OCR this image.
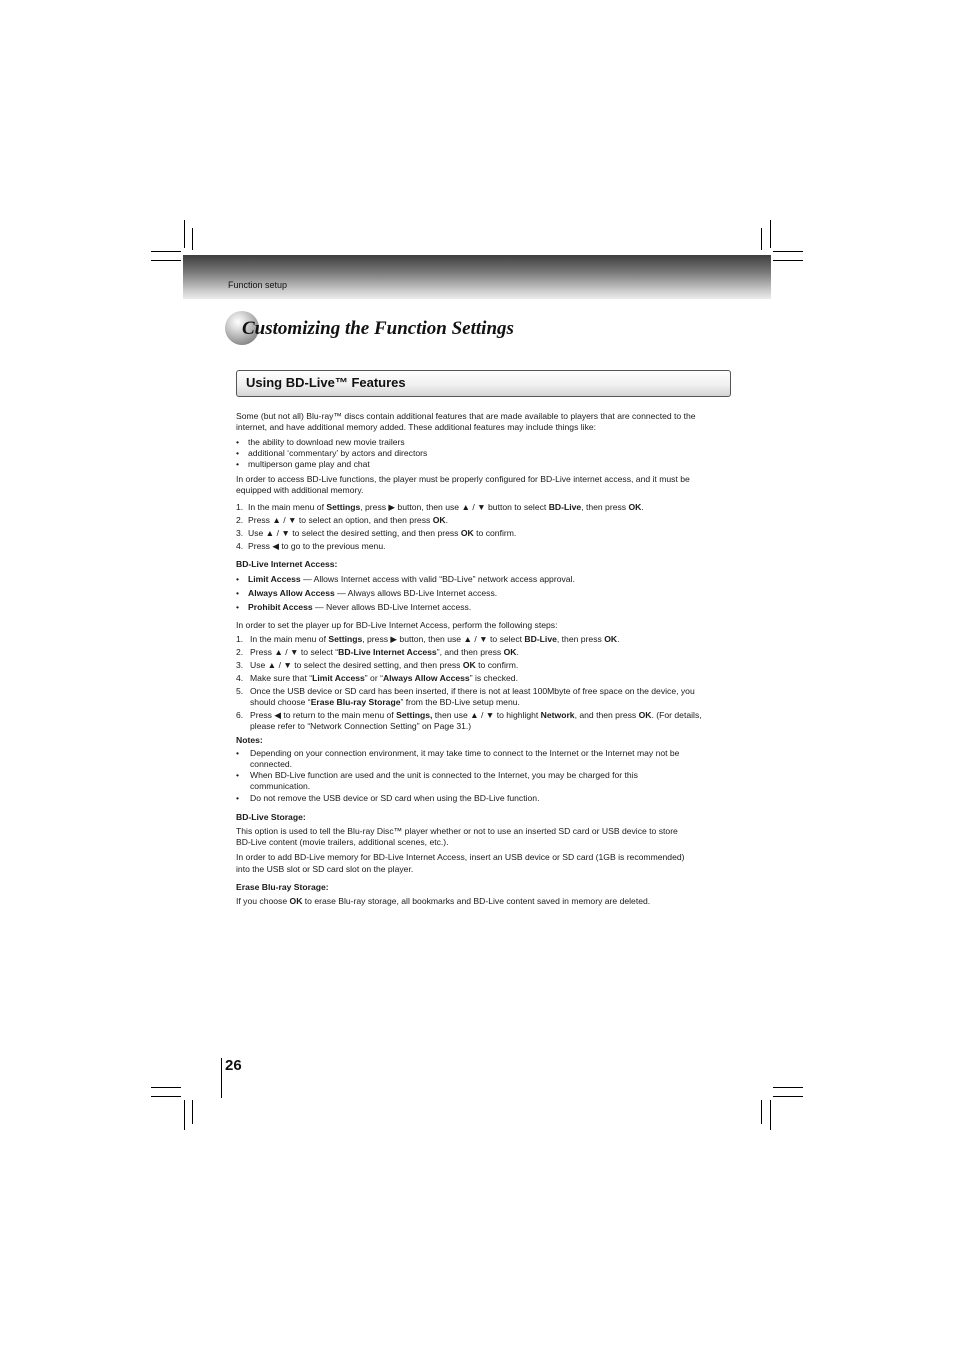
Function setup
Customizing the Function Settings
Using BD-Live™ Features
Some (but not all) Blu-ray™ discs contain additional features that are made available to players that are connected to the
internet, and have additional memory added. These additional features may include things like:
• the ability to download new movie trailers
• additional ‘commentary’ by actors and directors
• multiperson game play and chat
In order to access BD-Live functions, the player must be properly configured for BD-Live internet access, and it must be
equipped with additional memory.
1. In the main menu of Settings, press ▶ button, then use ▲ / ▼ button to select BD-Live, then press OK.
2. Press ▲ / ▼ to select an option, and then press OK.
3. Use ▲ / ▼ to select the desired setting, and then press OK to confirm.
4. Press ◀ to go to the previous menu.
BD-Live Internet Access:
• Limit Access — Allows Internet access with valid “BD-Live” network access approval.
• Always Allow Access — Always allows BD-Live Internet access.
• Prohibit Access — Never allows BD-Live Internet access.
In order to set the player up for BD-Live Internet Access, perform the following steps:
1. In the main menu of Settings, press ▶ button, then use ▲ / ▼ to select BD-Live, then press OK.
2. Press ▲ / ▼ to select “BD-Live Internet Access”, and then press OK.
3. Use ▲ / ▼ to select the desired setting, and then press OK to confirm.
4. Make sure that “Limit Access” or “Always Allow Access” is checked.
5. Once the USB device or SD card has been inserted, if there is not at least 100Mbyte of free space on the device, you
should choose “Erase Blu-ray Storage” from the BD-Live setup menu.
6. Press ◀ to return to the main menu of Settings, then use ▲ / ▼ to highlight Network, and then press OK. (For details,
please refer to “Network Connection Setting” on Page 31.)
Notes:
• Depending on your connection environment, it may take time to connect to the Internet or the Internet may not be
connected.
• When BD-Live function are used and the unit is connected to the Internet, you may be charged for this
communication.
• Do not remove the USB device or SD card when using the BD-Live function.
BD-Live Storage:
This option is used to tell the Blu-ray Disc™ player whether or not to use an inserted SD card or USB device to store
BD-Live content (movie trailers, additional scenes, etc.).
In order to add BD-Live memory for BD-Live Internet Access, insert an USB device or SD card (1GB is recommended)
into the USB slot or SD card slot on the player.
Erase Blu-ray Storage:
If you choose OK to erase Blu-ray storage, all bookmarks and BD-Live content saved in memory are deleted.
26
